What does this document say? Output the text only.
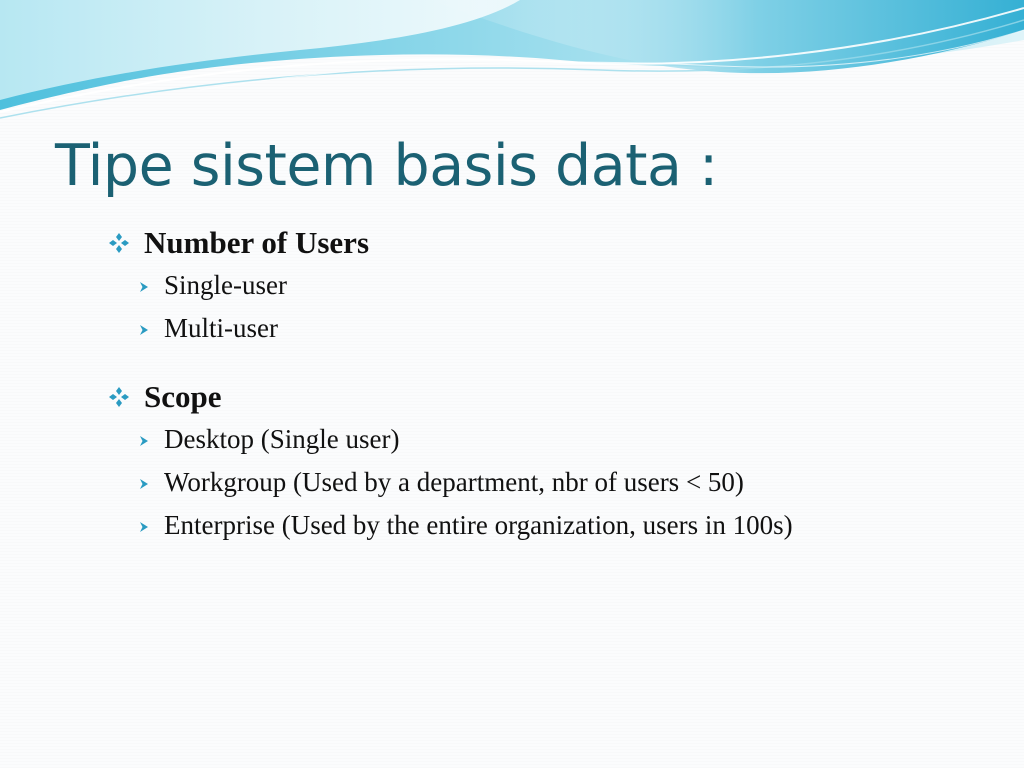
Tipe sistem basis data :
Number of Users
Single-user
Multi-user
Scope
Desktop (Single user)
Workgroup (Used by a department, nbr of users < 50)
Enterprise (Used by the entire organization, users in 100s)
